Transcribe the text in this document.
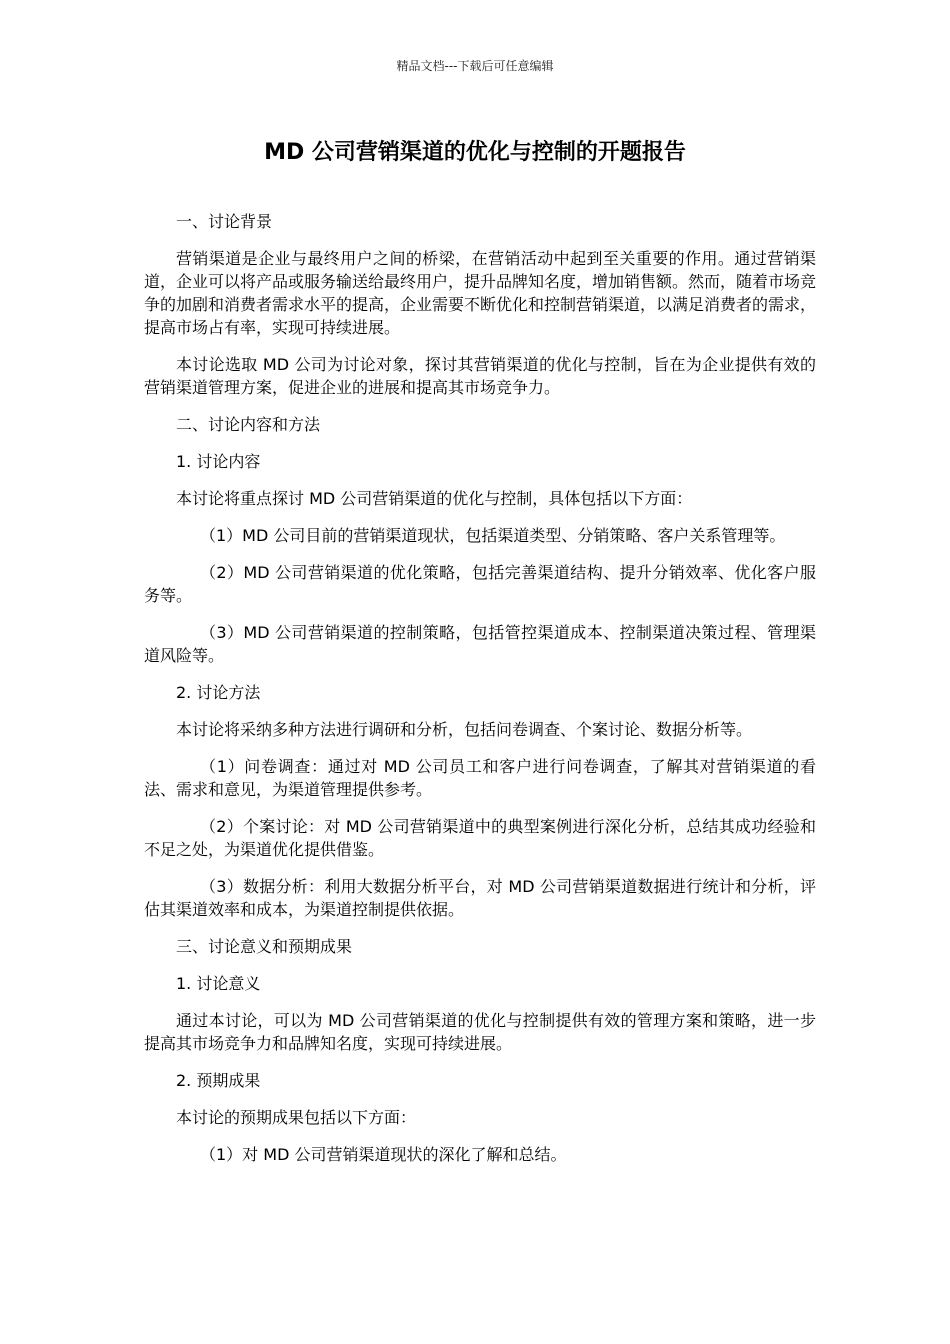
精品文档---下载后可任意编辑
MD 公司营销渠道的优化与控制的开题报告

一、讨论背景

营销渠道是企业与最终用户之间的桥梁，在营销活动中起到至关重要的作用。通过营销渠道，企业可以将产品或服务输送给最终用户，提升品牌知名度，增加销售额。然而，随着市场竞争的加剧和消费者需求水平的提高，企业需要不断优化和控制营销渠道，以满足消费者的需求，提高市场占有率，实现可持续进展。

本讨论选取 MD 公司为讨论对象，探讨其营销渠道的优化与控制，旨在为企业提供有效的营销渠道管理方案，促进企业的进展和提高其市场竞争力。

二、讨论内容和方法

1. 讨论内容

本讨论将重点探讨 MD 公司营销渠道的优化与控制，具体包括以下方面：

（1）MD 公司目前的营销渠道现状，包括渠道类型、分销策略、客户关系管理等。

（2）MD 公司营销渠道的优化策略，包括完善渠道结构、提升分销效率、优化客户服务等。

（3）MD 公司营销渠道的控制策略，包括管控渠道成本、控制渠道决策过程、管理渠道风险等。

2. 讨论方法

本讨论将采纳多种方法进行调研和分析，包括问卷调查、个案讨论、数据分析等。

（1）问卷调查：通过对 MD 公司员工和客户进行问卷调查，了解其对营销渠道的看法、需求和意见，为渠道管理提供参考。

（2）个案讨论：对 MD 公司营销渠道中的典型案例进行深化分析，总结其成功经验和不足之处，为渠道优化提供借鉴。

（3）数据分析：利用大数据分析平台，对 MD 公司营销渠道数据进行统计和分析，评估其渠道效率和成本，为渠道控制提供依据。

三、讨论意义和预期成果

1. 讨论意义

通过本讨论，可以为 MD 公司营销渠道的优化与控制提供有效的管理方案和策略，进一步提高其市场竞争力和品牌知名度，实现可持续进展。

2. 预期成果

本讨论的预期成果包括以下方面：

（1）对 MD 公司营销渠道现状的深化了解和总结。
